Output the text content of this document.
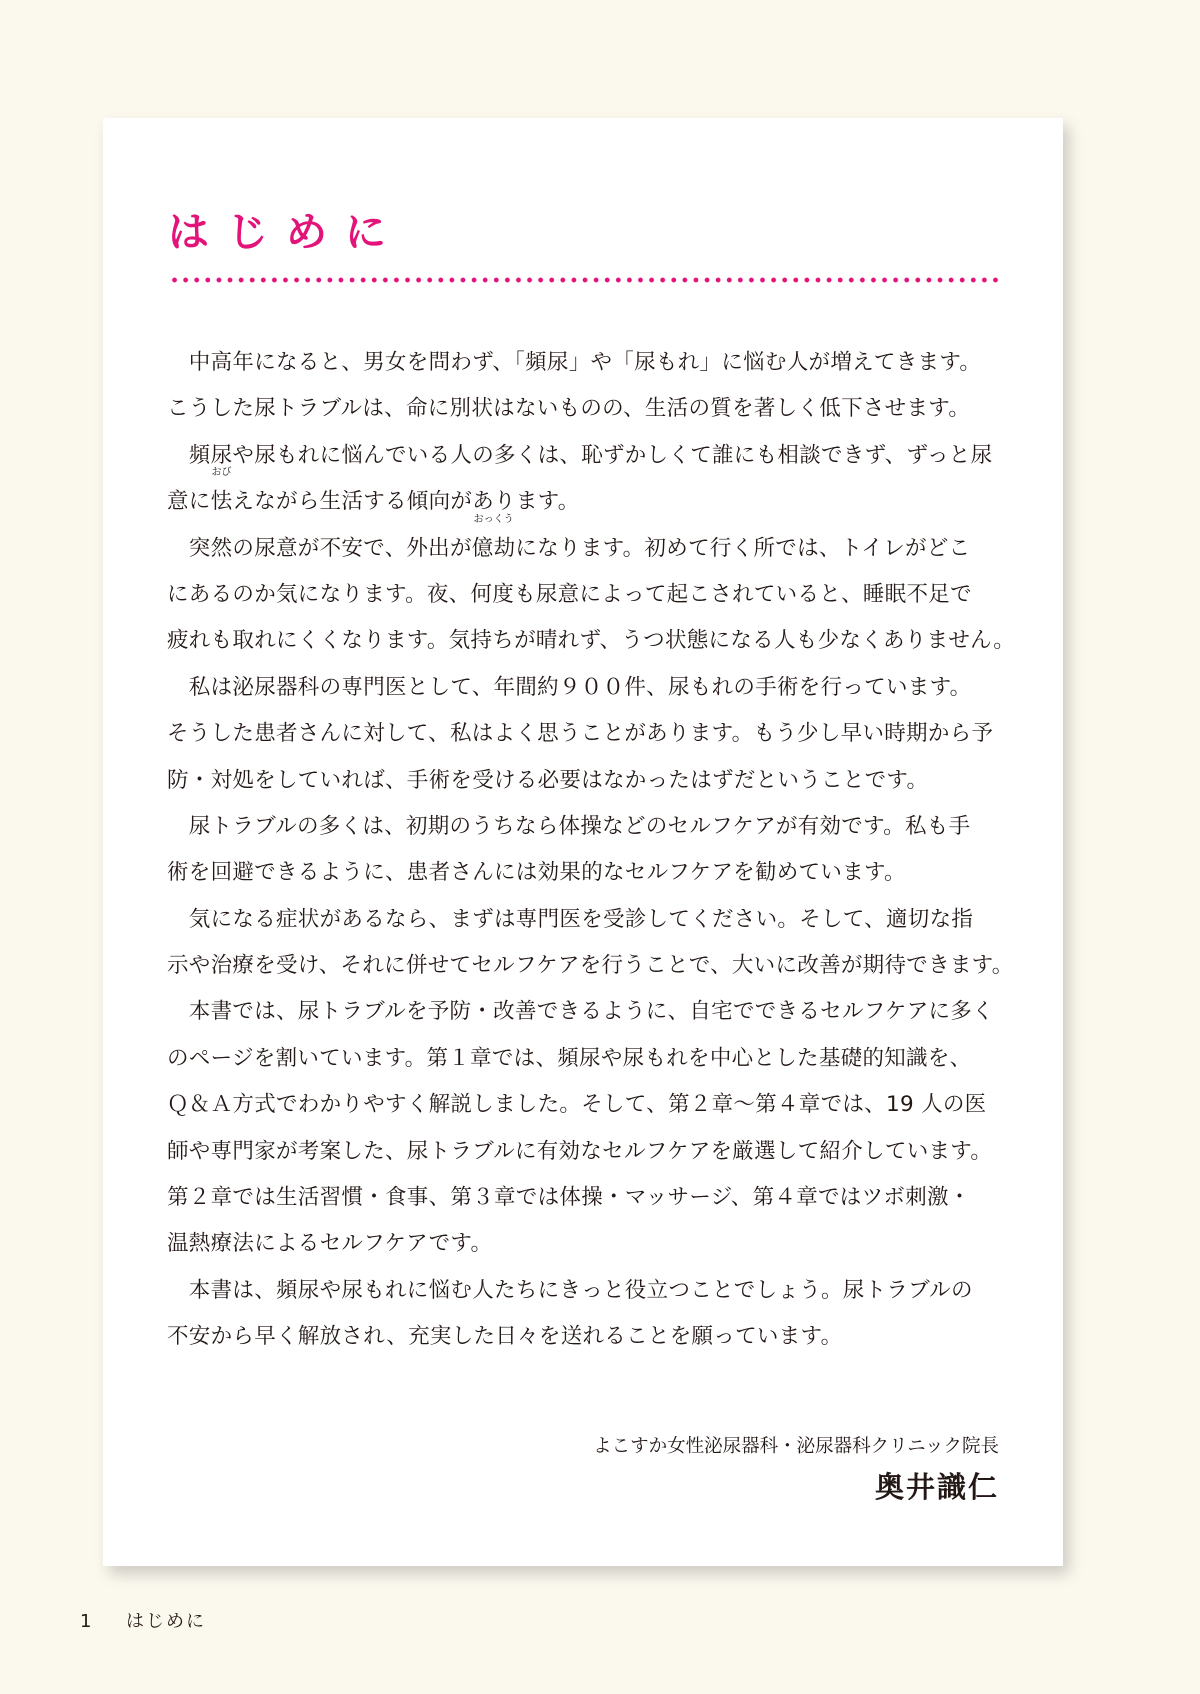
はじめに
　中高年になると、男女を問わず、「頻尿」や「尿もれ」に悩む人が増えてきます。
こうした尿トラブルは、命に別状はないものの、生活の質を著しく低下させます。
　頻尿や尿もれに悩んでいる人の多くは、恥ずかしくて誰にも相談できず、ずっと尿
意に怯
おび
えながら生活する傾向があります。
　突然の尿意が不安で、外出が億劫
おっくう
になります。初めて行く所では、トイレがどこ
にあるのか気になります。夜、何度も尿意によって起こされていると、睡眠不足で
疲れも取れにくくなります。気持ちが晴れず、うつ状態になる人も少なくありません。
　私は泌尿器科の専門医として、年間約９００件、尿もれの手術を行っています。
そうした患者さんに対して、私はよく思うことがあります。もう少し早い時期から予
防・対処をしていれば、手術を受ける必要はなかったはずだということです。
　尿トラブルの多くは、初期のうちなら体操などのセルフケアが有効です。私も手
術を回避できるように、患者さんには効果的なセルフケアを勧めています。
　気になる症状があるなら、まずは専門医を受診してください。そして、適切な指
示や治療を受け、それに併せてセルフケアを行うことで、大いに改善が期待できます。
　本書では、尿トラブルを予防・改善できるように、自宅でできるセルフケアに多く
のページを割いています。第１章では、頻尿や尿もれを中心とした基礎的知識を、
Ｑ＆Ａ方式でわかりやすく解説しました。そして、第２章〜第４章では、19 人の医
師や専門家が考案した、尿トラブルに有効なセルフケアを厳選して紹介しています。
第２章では生活習慣・食事、第３章では体操・マッサージ、第４章ではツボ刺激・
温熱療法によるセルフケアです。
　本書は、頻尿や尿もれに悩む人たちにきっと役立つことでしょう。尿トラブルの
不安から早く解放され、充実した日々を送れることを願っています。

よこすか女性泌尿器科・泌尿器科クリニック院長

奥井識仁

1 はじめに
